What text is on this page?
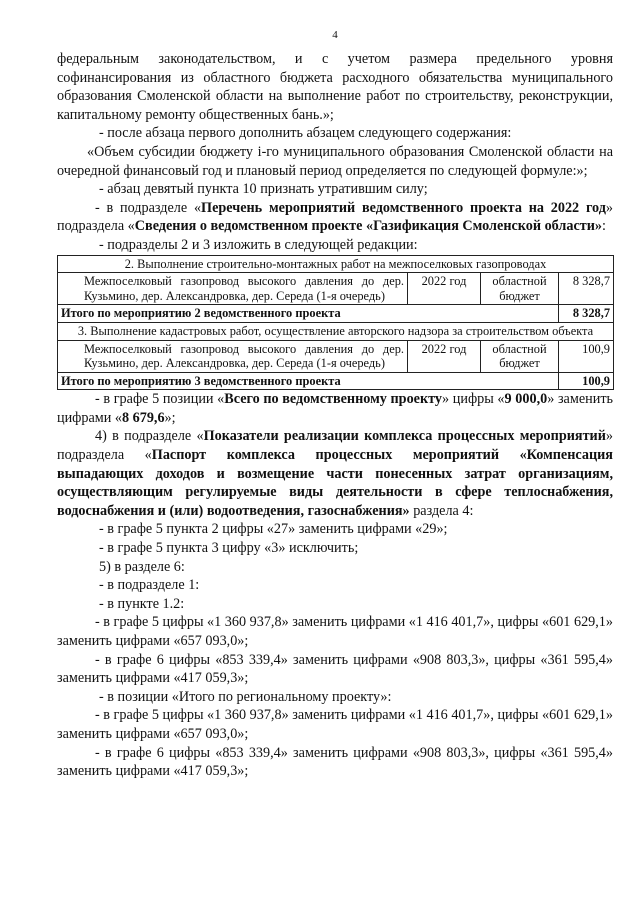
4

федеральным законодательством, и с учетом размера предельного уровня софинансирования из областного бюджета расходного обязательства муниципального образования Смоленской области на выполнение работ по строительству, реконструкции, капитальному ремонту общественных бань.»;

- после абзаца первого дополнить абзацем следующего содержания:

«Объем субсидии бюджету i-го муниципального образования Смоленской области на очередной финансовый год и плановый период определяется по следующей формуле:»;

- абзац девятый пункта 10 признать утратившим силу;

- в подразделе «Перечень мероприятий ведомственного проекта на 2022 год» подраздела «Сведения о ведомственном проекте «Газификация Смоленской области»:

- подразделы 2 и 3 изложить в следующей редакции:

2. Выполнение строительно-монтажных работ на межпоселковых газопроводах			
Межпоселковый газопровод высокого давления до дер. Кузьмино, дер. Александровка, дер. Середа (1-я очередь)	2022 год	областной бюджет	8 328,7
Итого по мероприятию 2 ведомственного проекта			8 328,7
3. Выполнение кадастровых работ, осуществление авторского надзора за строительством объекта			
Межпоселковый газопровод высокого давления до дер. Кузьмино, дер. Александровка, дер. Середа (1-я очередь)	2022 год	областной бюджет	100,9
Итого по мероприятию 3 ведомственного проекта			100,9

- в графе 5 позиции «Всего по ведомственному проекту» цифры «9 000,0» заменить цифрами «8 679,6»;

4) в подразделе «Показатели реализации комплекса процессных мероприятий» подраздела «Паспорт комплекса процессных мероприятий «Компенсация выпадающих доходов и возмещение части понесенных затрат организациям, осуществляющим регулируемые виды деятельности в сфере теплоснабжения, водоснабжения и (или) водоотведения, газоснабжения» раздела 4:

- в графе 5 пункта 2 цифры «27» заменить цифрами «29»;

- в графе 5 пункта 3 цифру «3» исключить;

5) в разделе 6:

- в подразделе 1:

- в пункте 1.2:

- в графе 5 цифры «1 360 937,8» заменить цифрами «1 416 401,7», цифры «601 629,1» заменить цифрами «657 093,0»;

- в графе 6 цифры «853 339,4» заменить цифрами «908 803,3», цифры «361 595,4» заменить цифрами «417 059,3»;

- в позиции «Итого по региональному проекту»:

- в графе 5 цифры «1 360 937,8» заменить цифрами «1 416 401,7», цифры «601 629,1» заменить цифрами «657 093,0»;

- в графе 6 цифры «853 339,4» заменить цифрами «908 803,3», цифры «361 595,4» заменить цифрами «417 059,3»;
